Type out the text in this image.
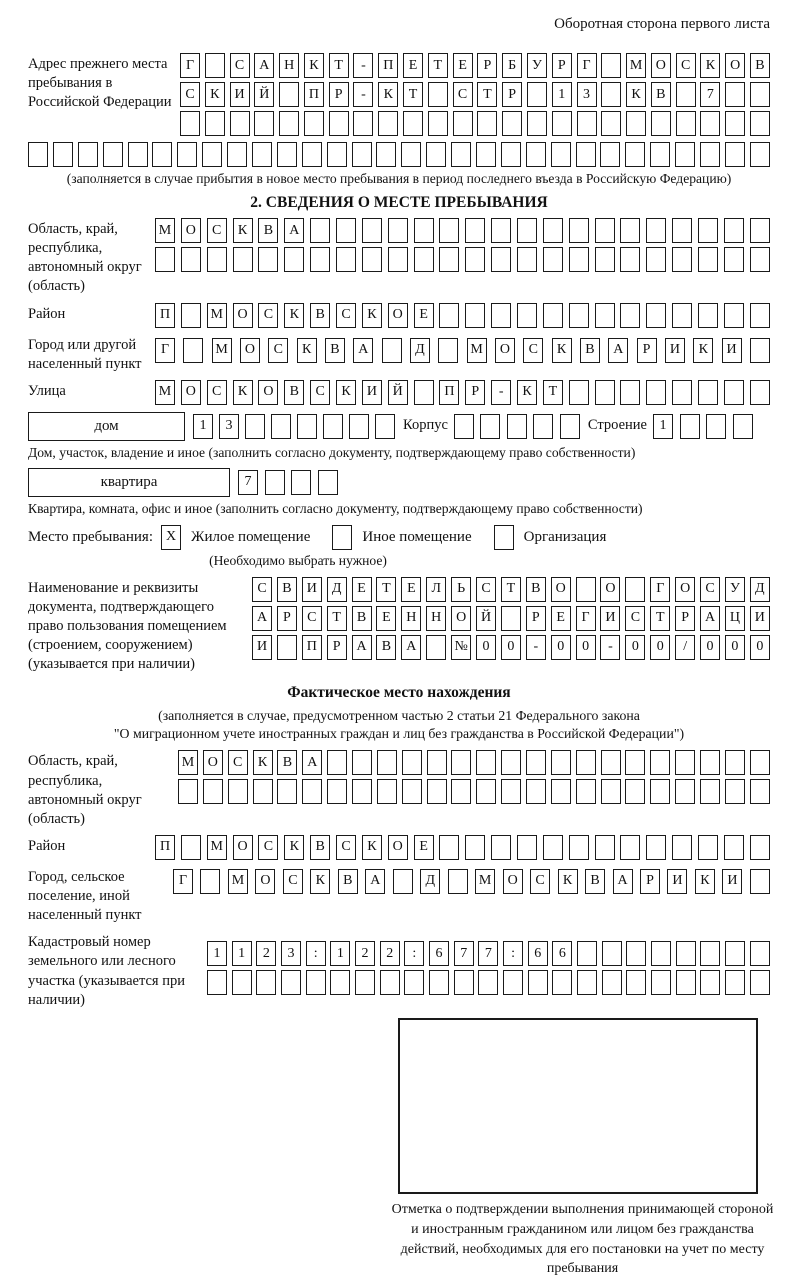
Оборотная сторона первого листа
Адрес прежнего места пребывания в Российской Федерации
Г	С	А	Н	К	Т	-	П	Е	Т	Е	Р	Б	У	Р	Г	М О	С	К	О	В
С	К	И	Й	П	Р	-	К	Т	С	Т	Р	1	3	К	В	7
(заполняется в случае прибытия в новое место пребывания в период последнего въезда в Российскую Федерацию)
2. СВЕДЕНИЯ О МЕСТЕ ПРЕБЫВАНИЯ
Область, край, республика, автономный округ (область)
М	О	С	К	В	А
Район	П	М	О	С	К	В	С	К	О	Е
Город или другой населенный пункт
Г	М	О	С	К	В	А	Д	М	О	С	К	В	А	Р	И	К	И
Улица	М	О	С	К	О	В	С	К	И	Й	П	Р	-	К	Т
дом	1	3	Корпус	Строение 1
Дом, участок, владение и иное (заполнить согласно документу, подтверждающему право собственности)
квартира	7
Квартира, комната, офис и иное (заполнить согласно документу, подтверждающему право собственности)
Место пребывания: X Жилое помещение	Иное помещение	Организация
(Необходимо выбрать нужное)
Наименование и реквизиты документа, подтверждающего право пользования помещением (строением, сооружением) (указывается при наличии)
С	В	И	Д	Е	Т	Е	Л	Ь	С	Т	В	О	О	Г	О	С	У	Д
А	Р	С	Т	В	Е	Н	Н	О	Й	Р	Е	Г	И	С	Т	Р	А	Ц	И
И	П	Р	А	В	А	№	0	0	-	0	0	-	0	0	/	0	0	0
Фактическое место нахождения
(заполняется в случае, предусмотренном частью 2 статьи 21 Федерального закона
"О миграционном учете иностранных граждан и лиц без гражданства в Российской Федерации")
Область, край, республика, автономный округ (область)
М О	С	К	В	А
Район	П	М	О	С	К	В	С	К	О	Е
Город, сельское поселение, иной населенный пункт
Г	М	О	С	К	В	А	Д	М	О	С	К	В	А	Р	И	К	И
Кадастровый номер земельного или лесного участка (указывается при наличии)
1	1	2	3	:	1	2	2	:	6	7	7	:	6	6
Отметка о подтверждении выполнения принимающей стороной и иностранным гражданином или лицом без гражданства действий, необходимых для его постановки на учет по месту пребывания
